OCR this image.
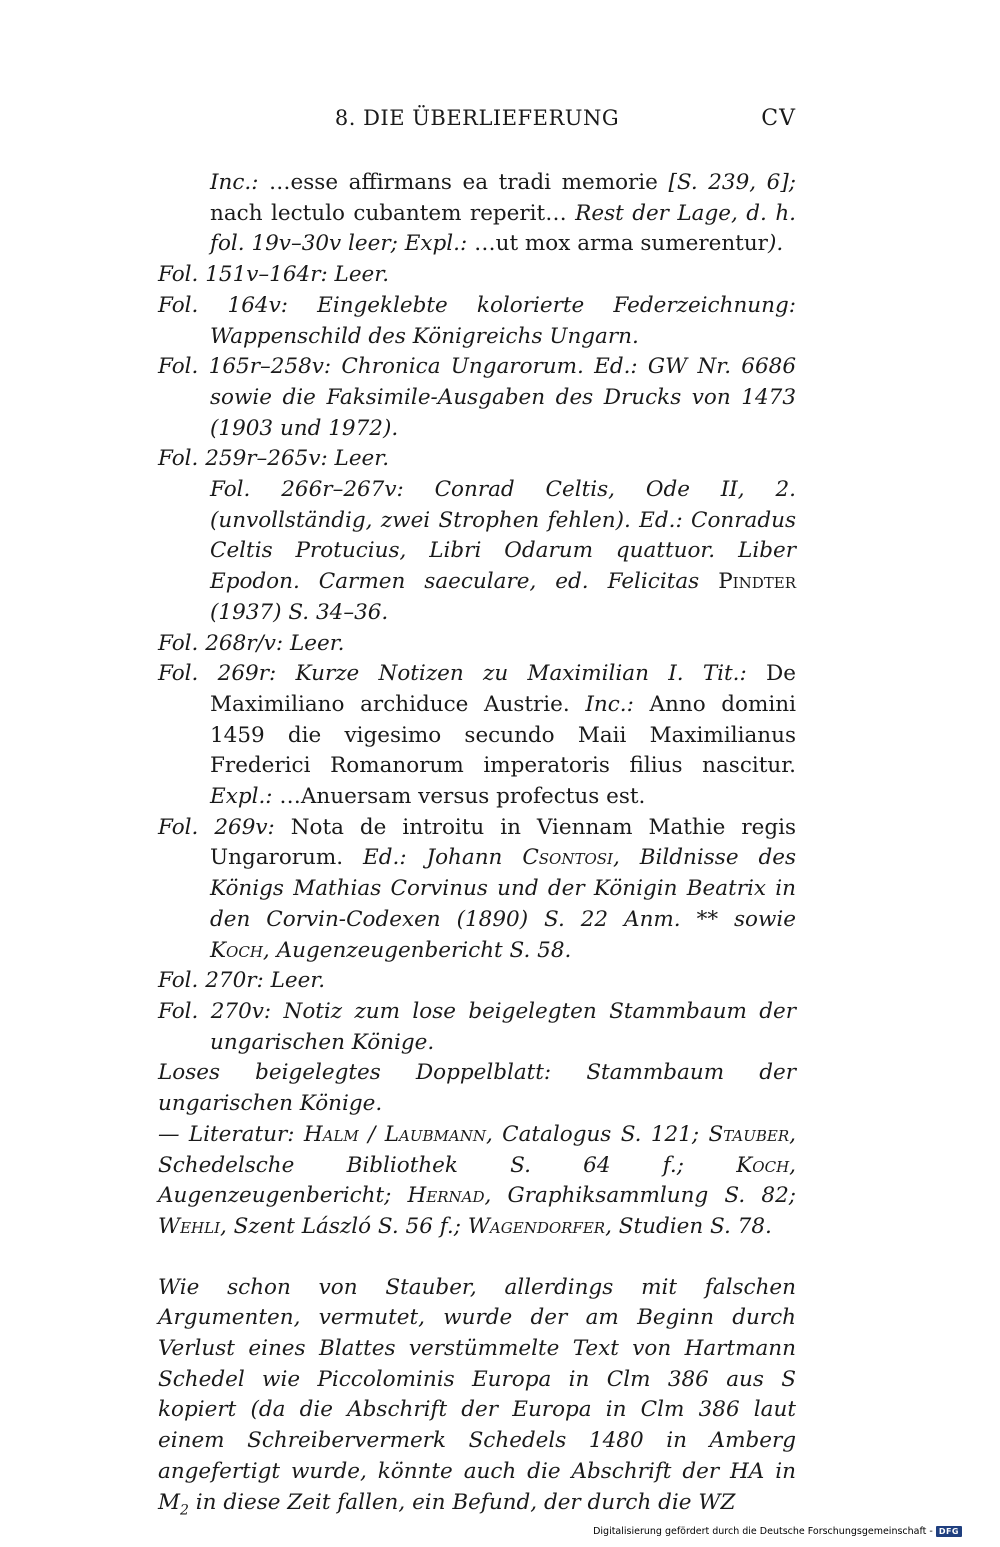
8. DIE ÜBERLIEFERUNG	CV

Inc.: …esse affirmans ea tradi memorie [S. 239, 6]; nach lectulo cubantem reperit… Rest der Lage, d. h. fol. 19v–30v leer; Expl.: …ut mox arma sumerentur).

Fol. 151v–164r: Leer.

Fol. 164v: Eingeklebte kolorierte Federzeichnung: Wappenschild des Königreichs Ungarn.

Fol. 165r–258v: Chronica Ungarorum. Ed.: GW Nr. 6686 sowie die Faksimile-Ausgaben des Drucks von 1473 (1903 und 1972).

Fol. 259r–265v: Leer.

Fol. 266r–267v: Conrad Celtis, Ode II, 2. (unvollständig, zwei Strophen fehlen). Ed.: Conradus Celtis Protucius, Libri Odarum quattuor. Liber Epodon. Carmen saeculare, ed. Felicitas Pindter (1937) S. 34–36.

Fol. 268r/v: Leer.

Fol. 269r: Kurze Notizen zu Maximilian I. Tit.: De Maximiliano archiduce Austrie. Inc.: Anno domini 1459 die vigesimo secundo Maii Maximilianus Frederici Romanorum imperatoris filius nascitur. Expl.: …Anuersam versus profectus est.

Fol. 269v: Nota de introitu in Viennam Mathie regis Ungarorum. Ed.: Johann Csontosi, Bildnisse des Königs Mathias Corvinus und der Königin Beatrix in den Corvin-Codexen (1890) S. 22 Anm. ** sowie Koch, Augenzeugenbericht S. 58.

Fol. 270r: Leer.

Fol. 270v: Notiz zum lose beigelegten Stammbaum der ungarischen Könige.

Loses beigelegtes Doppelblatt: Stammbaum der ungarischen Könige.

— Literatur: Halm / Laubmann, Catalogus S. 121; Stauber, Schedelsche Bibliothek S. 64 f.; Koch, Augenzeugenbericht; Hernad, Graphiksammlung S. 82; Wehli, Szent László S. 56 f.; Wagendorfer, Studien S. 78.

Wie schon von Stauber, allerdings mit falschen Argumenten, vermutet, wurde der am Beginn durch Verlust eines Blattes verstümmelte Text von Hartmann Schedel wie Piccolominis Europa in Clm 386 aus S kopiert (da die Abschrift der Europa in Clm 386 laut einem Schreibervermerk Schedels 1480 in Amberg angefertigt wurde, könnte auch die Abschrift der HA in $M_2$ in diese Zeit fallen, ein Befund, der durch die WZ

Digitalisierung gefördert durch die Deutsche Forschungsgemeinschaft - DFG
